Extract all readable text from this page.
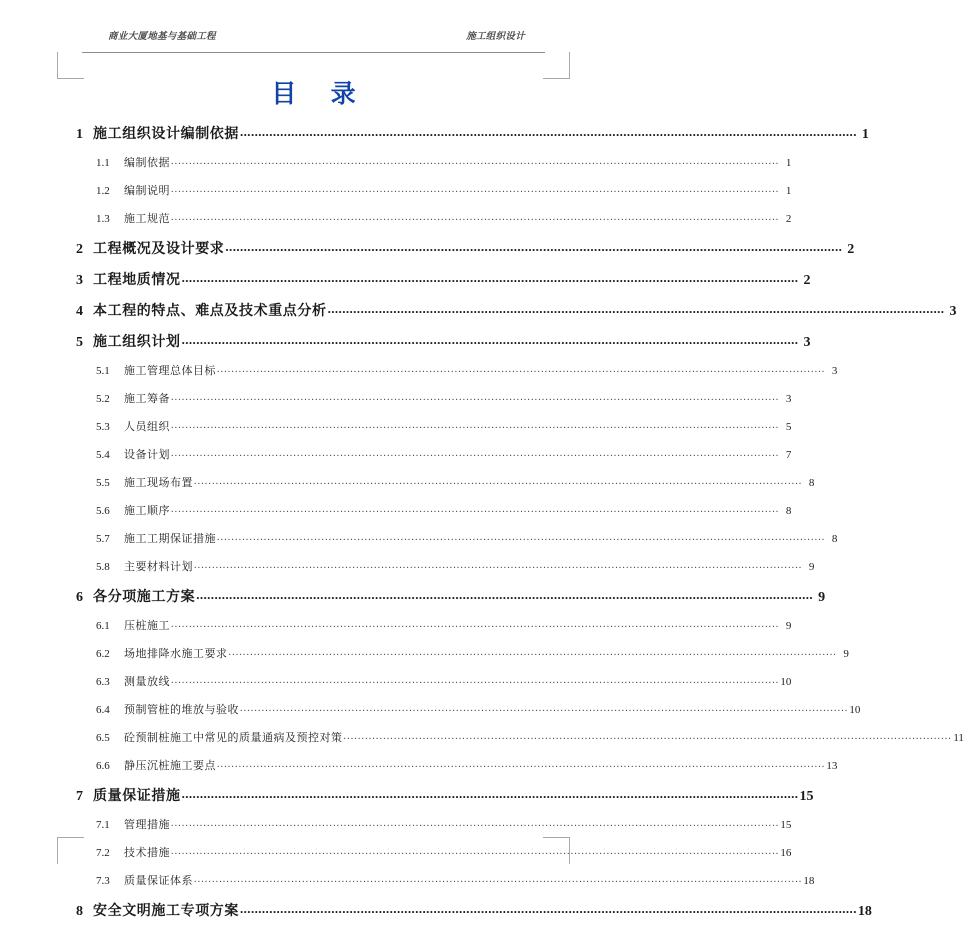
商业大厦地基与基础工程	施工组织设计
目 录
1 施工组织设计编制依据 .....	1
1.1	编制依据 .....	1
1.2	编制说明 .....	1
1.3	施工规范 .....	2
2 工程概况及设计要求 .....	2
3 工程地质情况 .....	2
4 本工程的特点、难点及技术重点分析 .....	3
5 施工组织计划 .....	3
5.1	施工管理总体目标 .....	3
5.2	施工筹备 .....	3
5.3	人员组织 .....	5
5.4	设备计划 .....	7
5.5	施工现场布置 .....	8
5.6	施工顺序 .....	8
5.7	施工工期保证措施 .....	8
5.8	主要材料计划 .....	9
6 各分项施工方案 .....	9
6.1	压桩施工 .....	9
6.2	场地排降水施工要求 .....	9
6.3	测量放线 .....	10
6.4	预制管桩的堆放与验收 .....	10
6.5	砼预制桩施工中常见的质量通病及预控对策 .....	11
6.6	静压沉桩施工要点 .....	13
7 质量保证措施 .....	15
7.1	管理措施 .....	15
7.2	技术措施 .....	16
7.3	质量保证体系 .....	18
8 安全文明施工专项方案 .....	18
